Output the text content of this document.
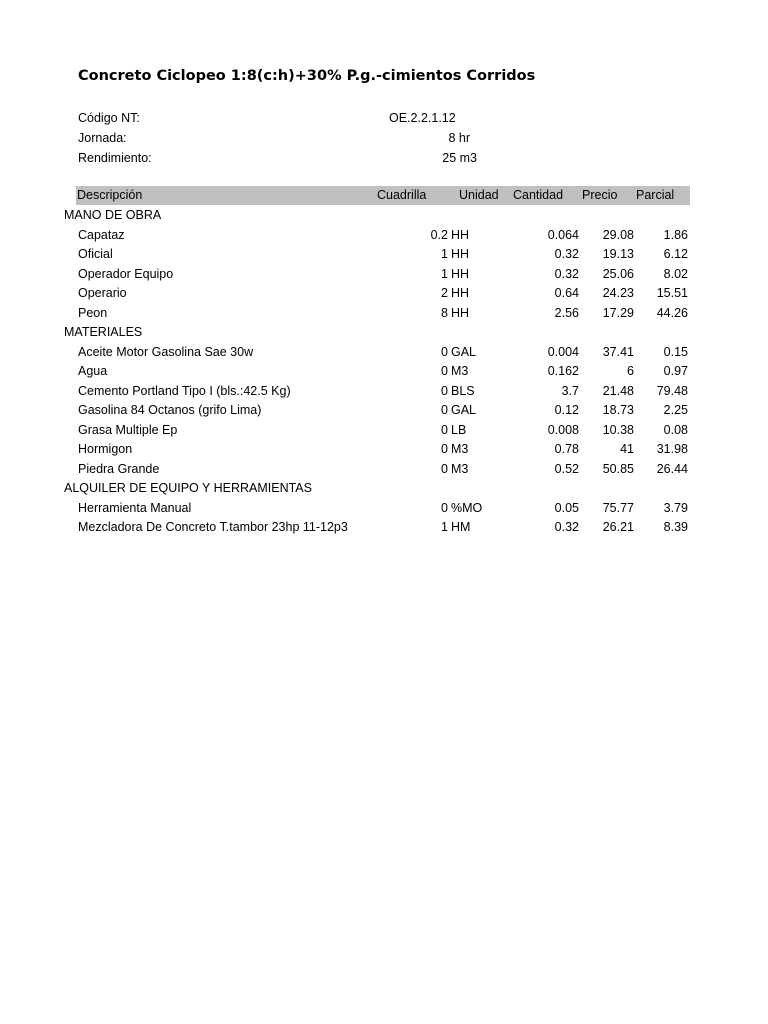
Concreto Ciclopeo 1:8(c:h)+30% P.g.-cimientos Corridos
Código NT:	OE.2.2.1.12
Jornada:	8 hr
Rendimiento:	25 m3
Descripción	Cuadrilla	Unidad Cantidad Precio Parcial
MANO DE OBRA
Capataz	0.2 HH	0.064	29.08	1.86
Oficial	1 HH	0.32	19.13	6.12
Operador Equipo	1 HH	0.32	25.06	8.02
Operario	2 HH	0.64	24.23	15.51
Peon	8 HH	2.56	17.29	44.26
MATERIALES
Aceite Motor Gasolina Sae 30w	0 GAL	0.004	37.41	0.15
Agua	0 M3	0.162	6	0.97
Cemento Portland Tipo I (bls.:42.5 Kg)	0 BLS	3.7	21.48	79.48
Gasolina 84 Octanos (grifo Lima)	0 GAL	0.12	18.73	2.25
Grasa Multiple Ep	0 LB	0.008	10.38	0.08
Hormigon	0 M3	0.78	41	31.98
Piedra Grande	0 M3	0.52	50.85	26.44
ALQUILER DE EQUIPO Y HERRAMIENTAS
Herramienta Manual	0 %MO	0.05	75.77	3.79
Mezcladora De Concreto T.tambor 23hp 11-12p3	1 HM	0.32	26.21	8.39
